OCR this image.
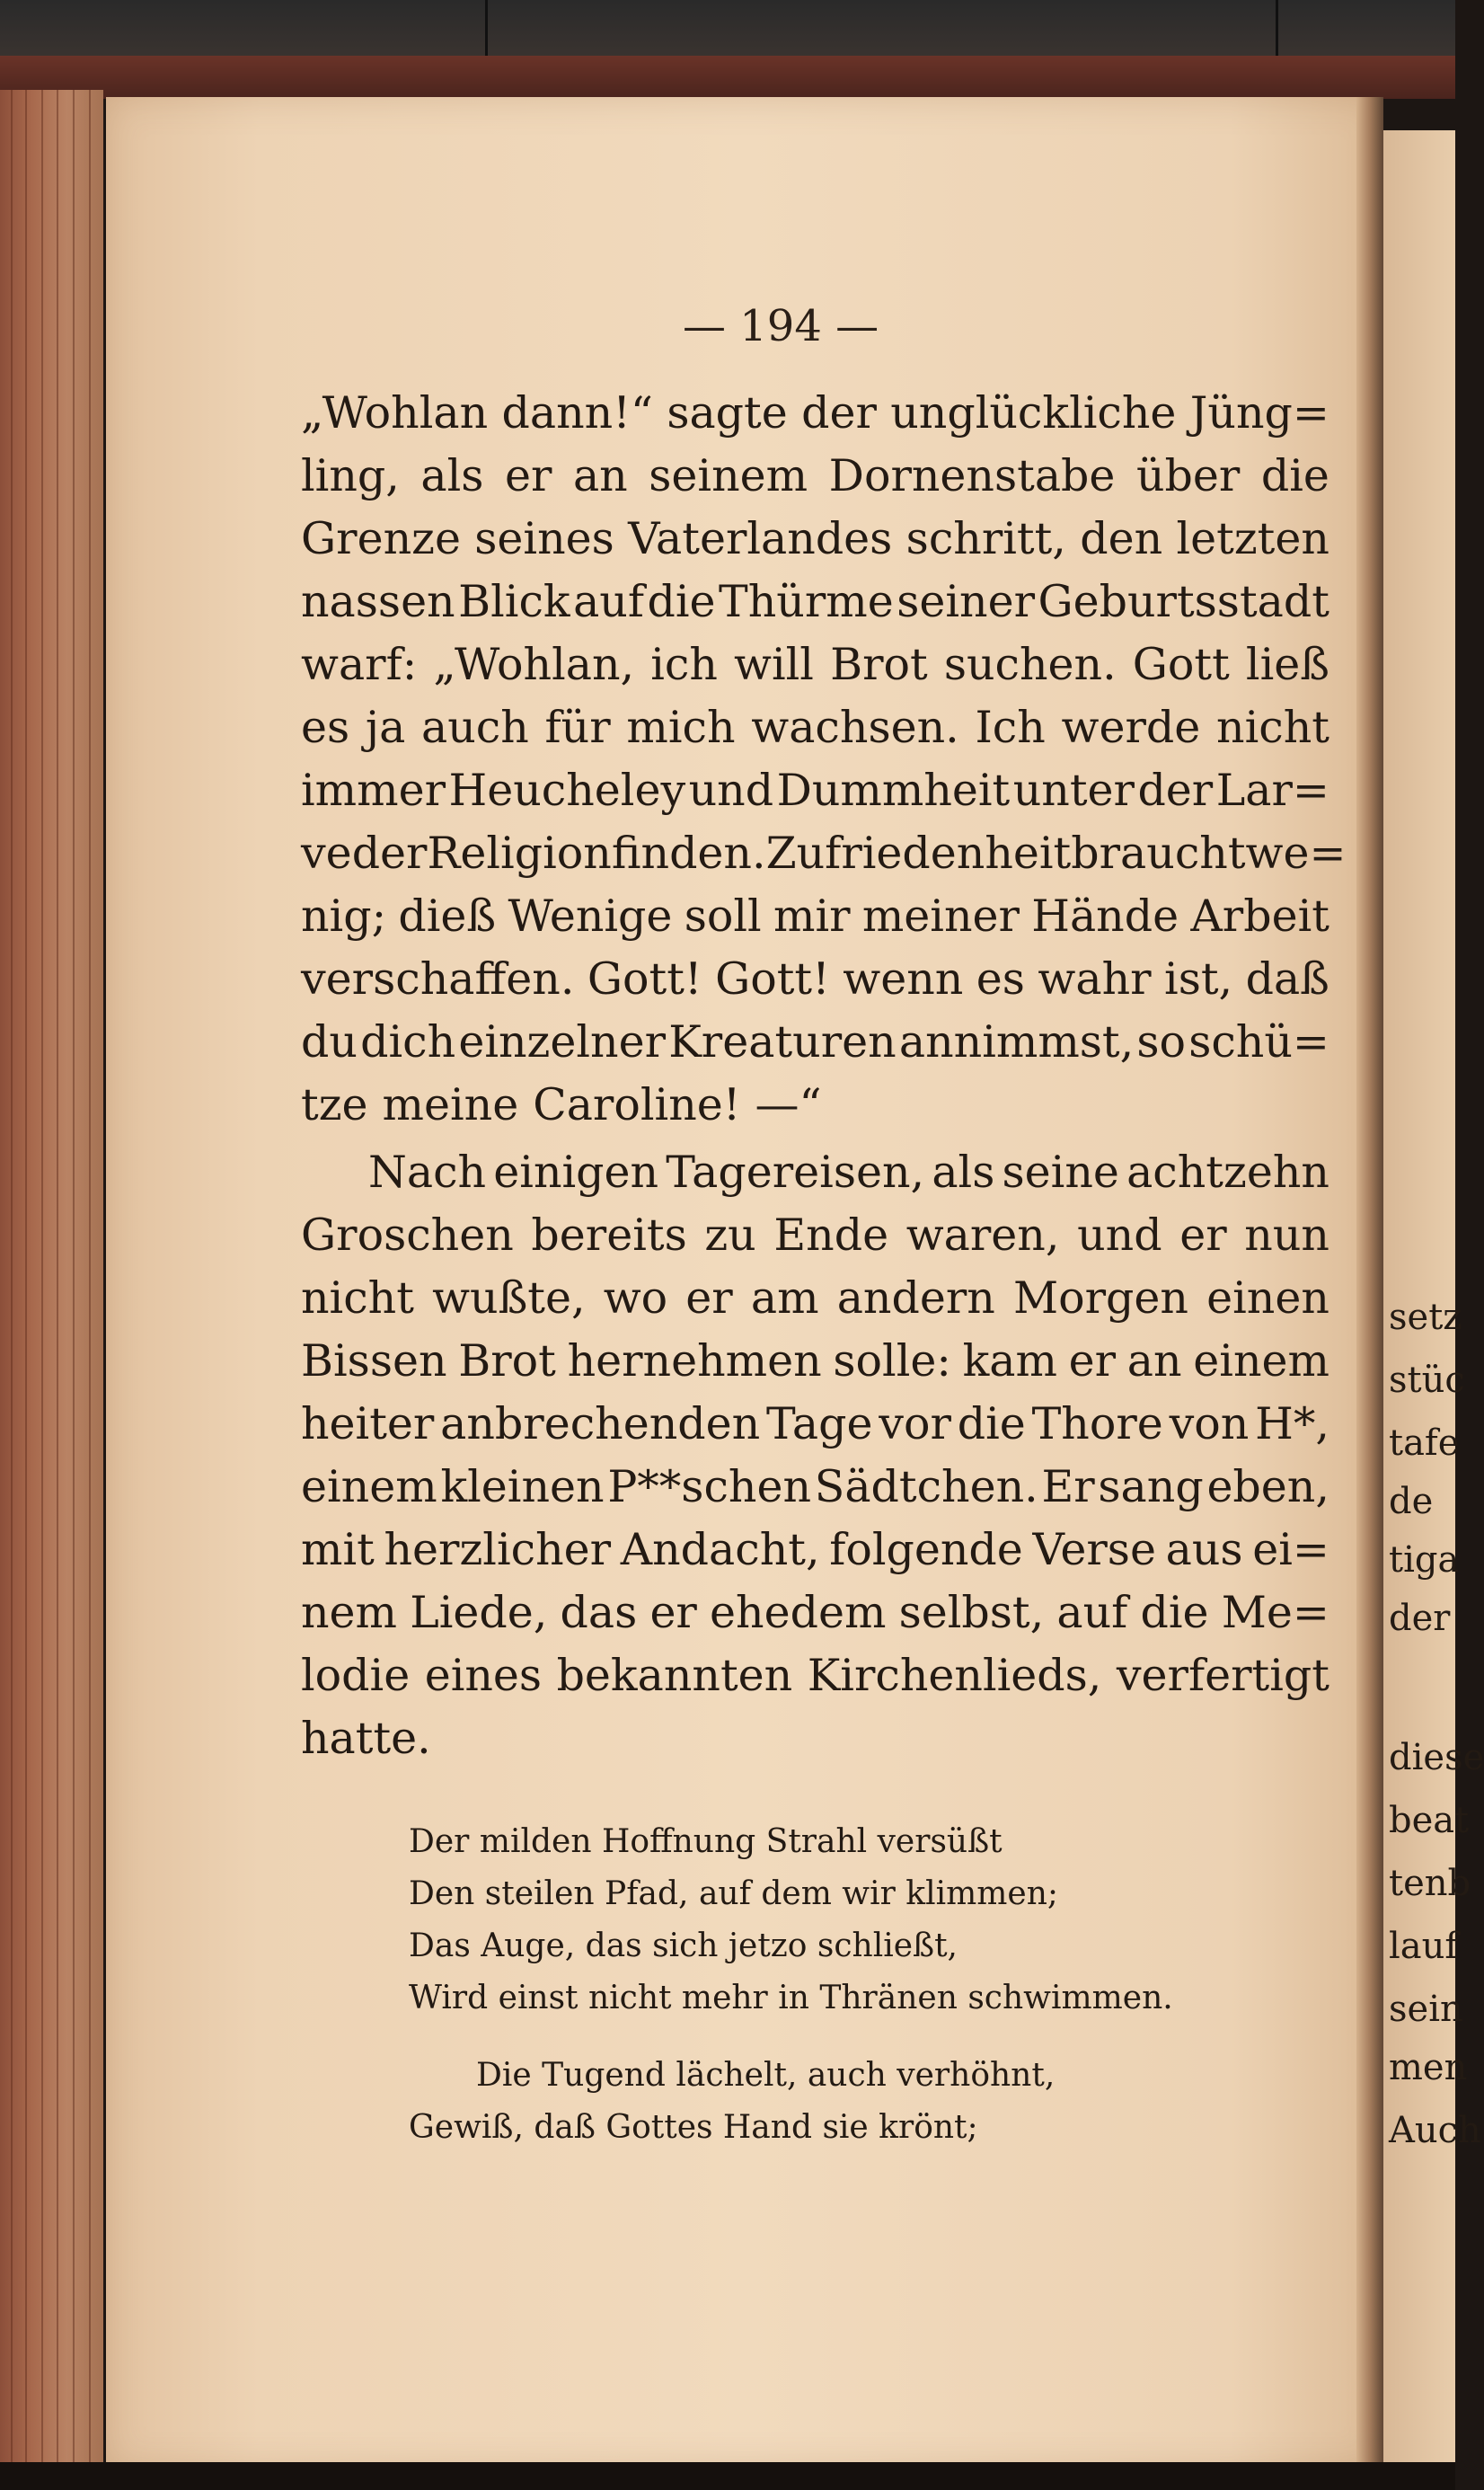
— 194 —
„Wohlan dann!“ sagte der unglückliche Jüng=
ling, als er an seinem Dornenstabe über die
Grenze seines Vaterlandes schritt, den letzten
nassen Blick auf die Thürme seiner Geburtsstadt
warf: „Wohlan, ich will Brot suchen. Gott ließ
es ja auch für mich wachsen. Ich werde nicht
immer Heucheley und Dummheit unter der Lar=
ve der Religion finden. Zufriedenheit braucht we=
nig; dieß Wenige soll mir meiner Hände Arbeit
verschaffen. Gott! Gott! wenn es wahr ist, daß
du dich einzelner Kreaturen annimmst, so schü=
tze meine Caroline! —“
Nach einigen Tagereisen, als seine achtzehn
Groschen bereits zu Ende waren, und er nun
nicht wußte, wo er am andern Morgen einen
Bissen Brot hernehmen solle: kam er an einem
heiter anbrechenden Tage vor die Thore von H*,
einem kleinen P**schen Sädtchen. Er sang eben,
mit herzlicher Andacht, folgende Verse aus ei=
nem Liede, das er ehedem selbst, auf die Me=
lodie eines bekannten Kirchenlieds, verfertigt
hatte.
Der milden Hoffnung Strahl versüßt
Den steilen Pfad, auf dem wir klimmen;
Das Auge, das sich jetzo schließt,
Wird einst nicht mehr in Thränen schwimmen.
Die Tugend lächelt, auch verhöhnt,
Gewiß, daß Gottes Hand sie krönt;
setz
stüc
tafe
de
tiga
der
diese
beat
tenb
lauf
sein
men
Auch
